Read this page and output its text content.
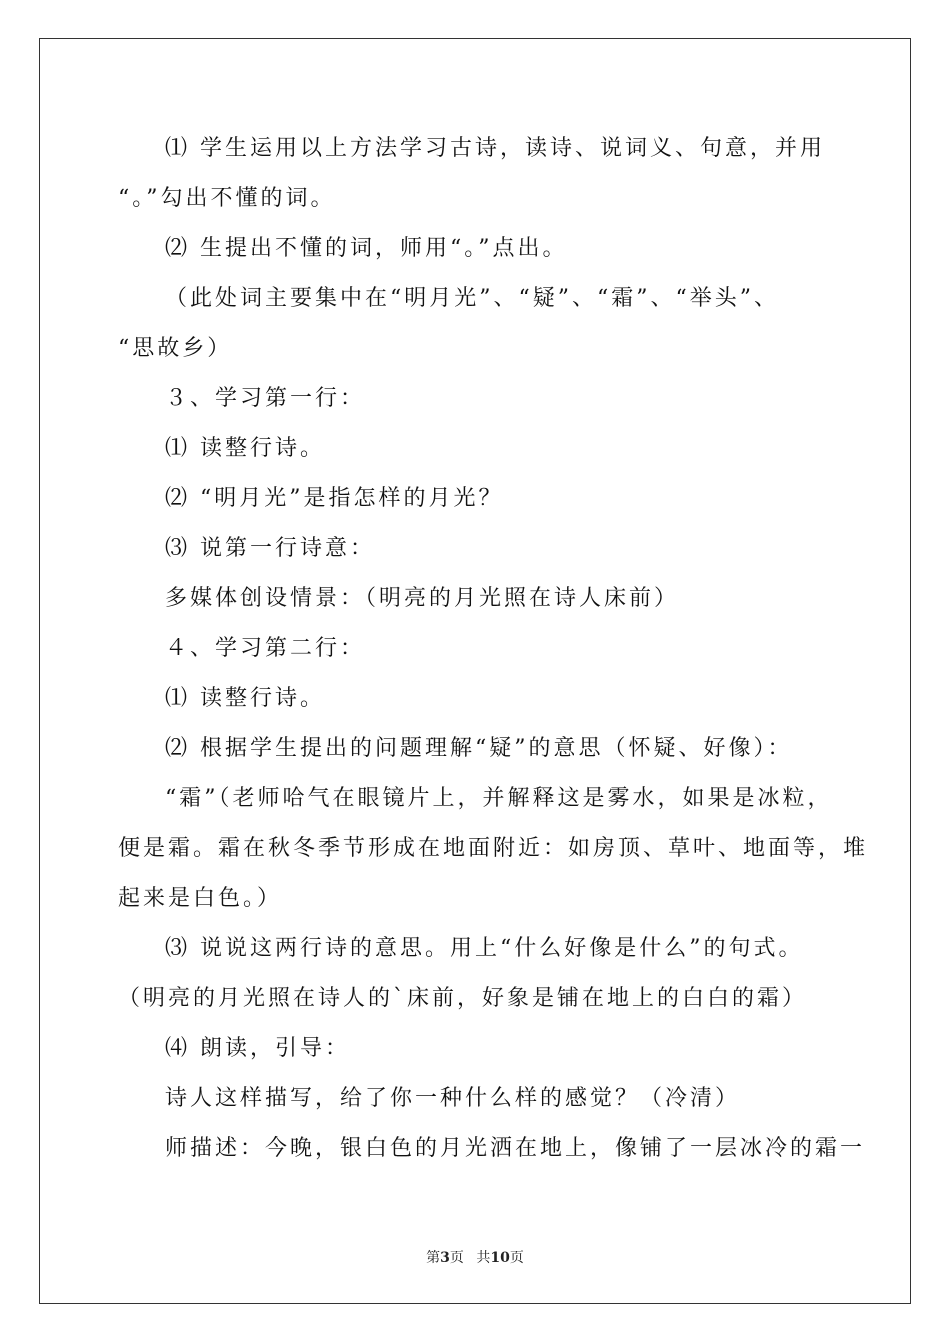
⑴ 学生运用以上方法学习古诗，读诗、说词义、句意，并用
“。”勾出不懂的词。
⑵ 生提出不懂的词，师用“。”点出。
（此处词主要集中在“明月光”、“疑”、“霜”、“举头”、
“思故乡）
３、学习第一行：
⑴ 读整行诗。
⑵ “明月光”是指怎样的月光？
⑶ 说第一行诗意：
多媒体创设情景：（明亮的月光照在诗人床前）
４、学习第二行：
⑴ 读整行诗。
⑵ 根据学生提出的问题理解“疑”的意思（怀疑、好像）：
“霜”（老师哈气在眼镜片上，并解释这是雾水，如果是冰粒，
便是霜。霜在秋冬季节形成在地面附近：如房顶、草叶、地面等，堆
起来是白色。）
⑶ 说说这两行诗的意思。用上“什么好像是什么”的句式。
（明亮的月光照在诗人的`床前，好象是铺在地上的白白的霜）
⑷ 朗读，引导：
诗人这样描写，给了你一种什么样的感觉？（冷清）
师描述：今晚，银白色的月光洒在地上，像铺了一层冰冷的霜一
第3页 共10页
